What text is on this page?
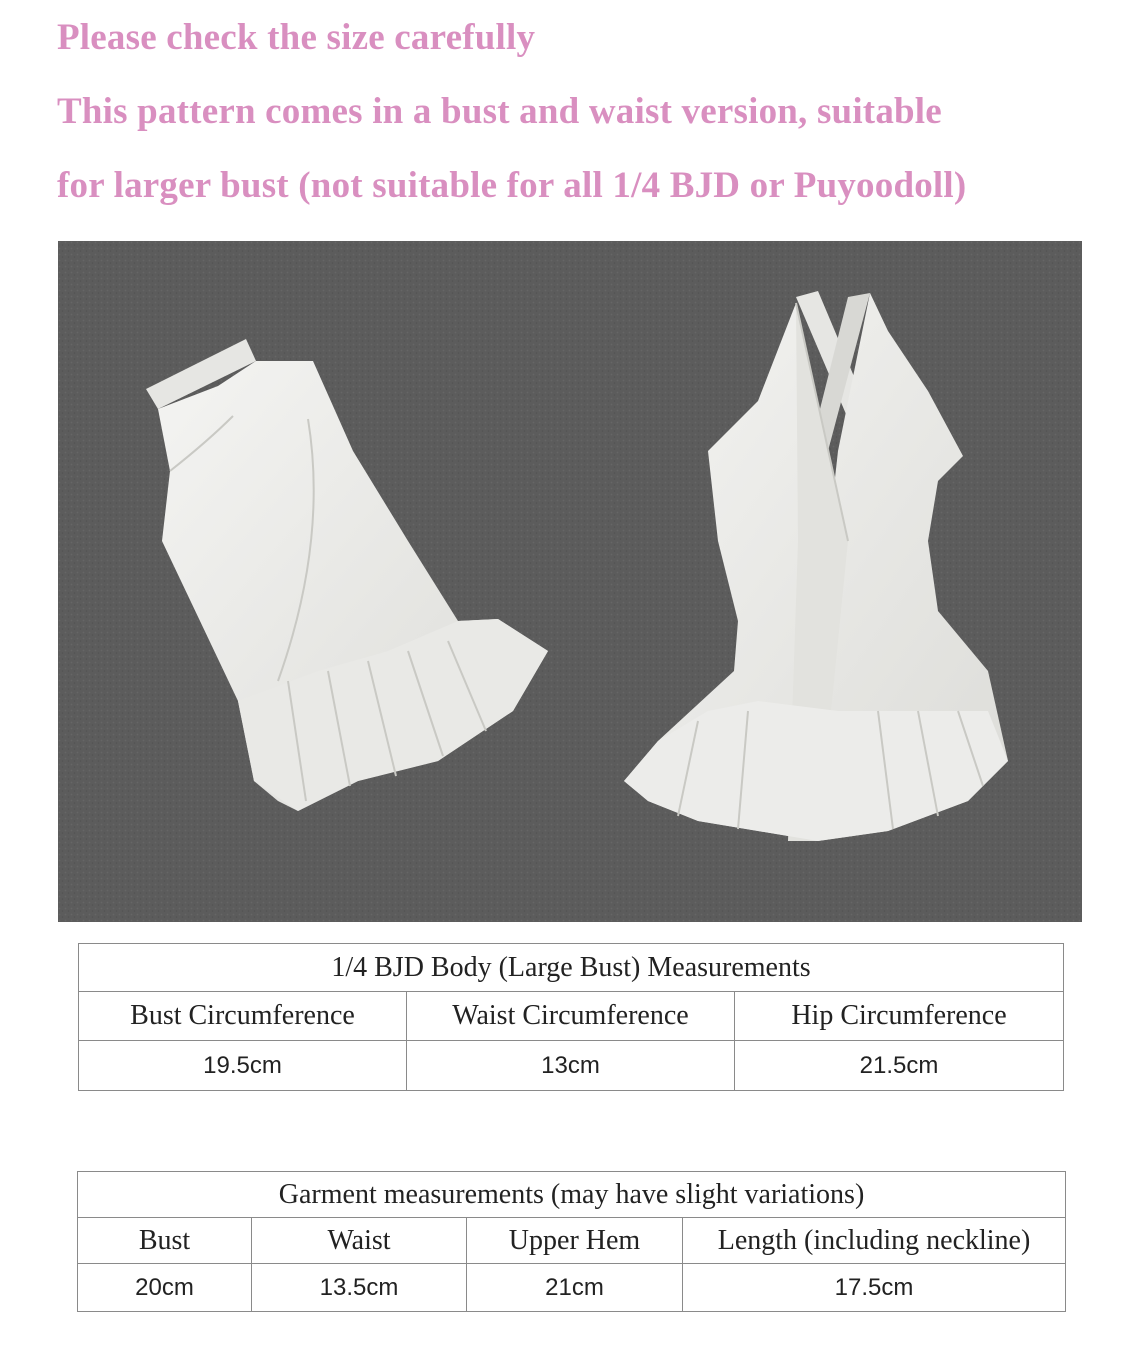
Please check the size carefully

This pattern comes in a bust and waist version, suitable

for larger bust (not suitable for all 1/4 BJD or Puyoodoll)

1/4 BJD Body (Large Bust) Measurements		
Bust Circumference	Waist Circumference	Hip Circumference
19.5cm	13cm	21.5cm
Garment measurements (may have slight variations)			
Bust	Waist	Upper Hem	Length (including neckline)
20cm	13.5cm	21cm	17.5cm
